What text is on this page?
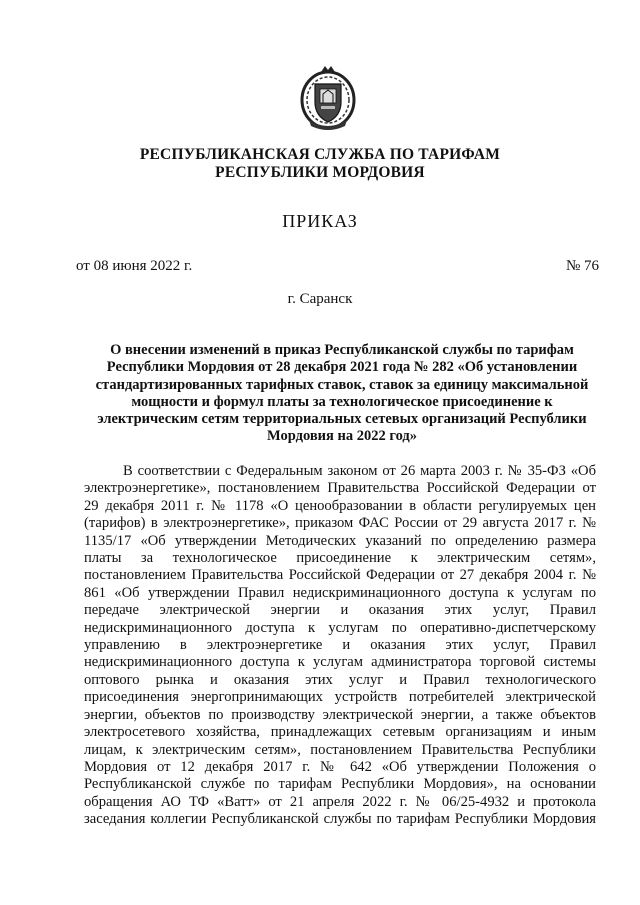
РЕСПУБЛИКАНСКАЯ СЛУЖБА ПО ТАРИФАМ
РЕСПУБЛИКИ МОРДОВИЯ
ПРИКАЗ
от 08 июня 2022 г.	№ 76
г. Саранск
О внесении изменений в приказ Республиканской службы по тарифам
Республики Мордовия от 28 декабря 2021 года № 282 «Об установлении
стандартизированных тарифных ставок, ставок за единицу максимальной
мощности и формул платы за технологическое присоединение к
электрическим сетям территориальных сетевых организаций Республики
Мордовия на 2022 год»
В соответствии с Федеральным законом от 26 марта 2003 г. № 35-ФЗ «Об
электроэнергетике», постановлением Правительства Российской Федерации от
29 декабря 2011 г. № 1178 «О ценообразовании в области регулируемых цен
(тарифов) в электроэнергетике», приказом ФАС России от 29 августа 2017 г. №
1135/17 «Об утверждении Методических указаний по определению размера
платы за технологическое присоединение к электрическим сетям»,
постановлением Правительства Российской Федерации от 27 декабря 2004 г. №
861 «Об утверждении Правил недискриминационного доступа к услугам по
передаче электрической энергии и оказания этих услуг, Правил
недискриминационного доступа к услугам по оперативно-диспетчерскому
управлению в электроэнергетике и оказания этих услуг, Правил
недискриминационного доступа к услугам администратора торговой системы
оптового рынка и оказания этих услуг и Правил технологического
присоединения энергопринимающих устройств потребителей электрической
энергии, объектов по производству электрической энергии, а также объектов
электросетевого хозяйства, принадлежащих сетевым организациям и иным
лицам, к электрическим сетям», постановлением Правительства Республики
Мордовия от 12 декабря 2017 г. № 642 «Об утверждении Положения о
Республиканской службе по тарифам Республики Мордовия», на основании
обращения АО ТФ «Ватт» от 21 апреля 2022 г. № 06/25-4932 и протокола
заседания коллегии Республиканской службы по тарифам Республики Мордовия
